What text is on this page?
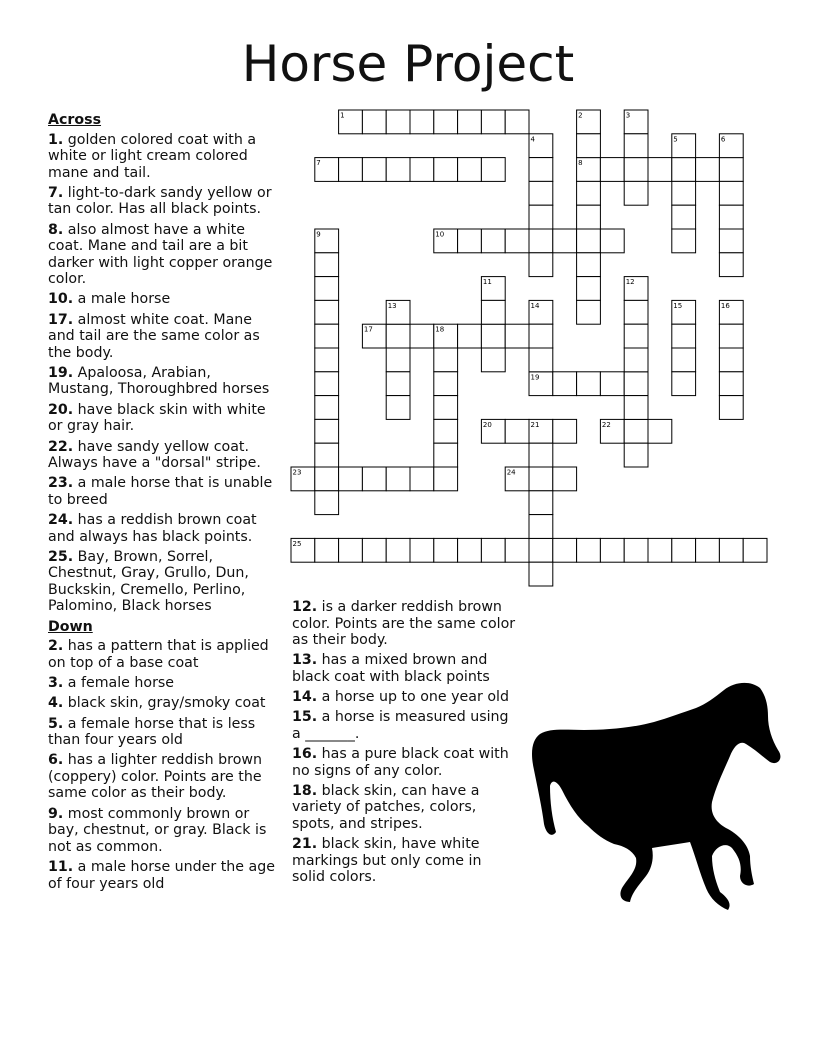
Horse Project
Across
1. golden colored coat with a white or light cream colored mane and tail.
7. light-to-dark sandy yellow or tan color. Has all black points.
8. also almost have a white coat. Mane and tail are a bit darker with light copper orange color.
10. a male horse
17. almost white coat. Mane and tail are the same color as the body.
19. Apaloosa, Arabian, Mustang, Thoroughbred horses
20. have black skin with white or gray hair.
22. have sandy yellow coat. Always have a "dorsal" stripe.
23. a male horse that is unable to breed
24. has a reddish brown coat and always has black points.
25. Bay, Brown, Sorrel, Chestnut, Gray, Grullo, Dun, Buckskin, Cremello, Perlino, Palomino, Black horses
Down
2. has a pattern that is applied on top of a base coat
3. a female horse
4. black skin, gray/smoky coat
5. a female horse that is less than four years old
6. has a lighter reddish brown (coppery) color. Points are the same color as their body.
9. most commonly brown or bay, chestnut, or gray. Black is not as common.
11. a male horse under the age of four years old
12. is a darker reddish brown color. Points are the same color as their body.
13. has a mixed brown and black coat with black points
14. a horse up to one year old
15. a horse is measured using a _______.
16. has a pure black coat with no signs of any color.
18. black skin, can have a variety of patches, colors, spots, and stripes.
21. black skin, have white markings but only come in solid colors.
1
7	8
10
17
19
20	22
23	24
25
2	3
4	5	6
9
11	12
13	14	15	16
18
21
